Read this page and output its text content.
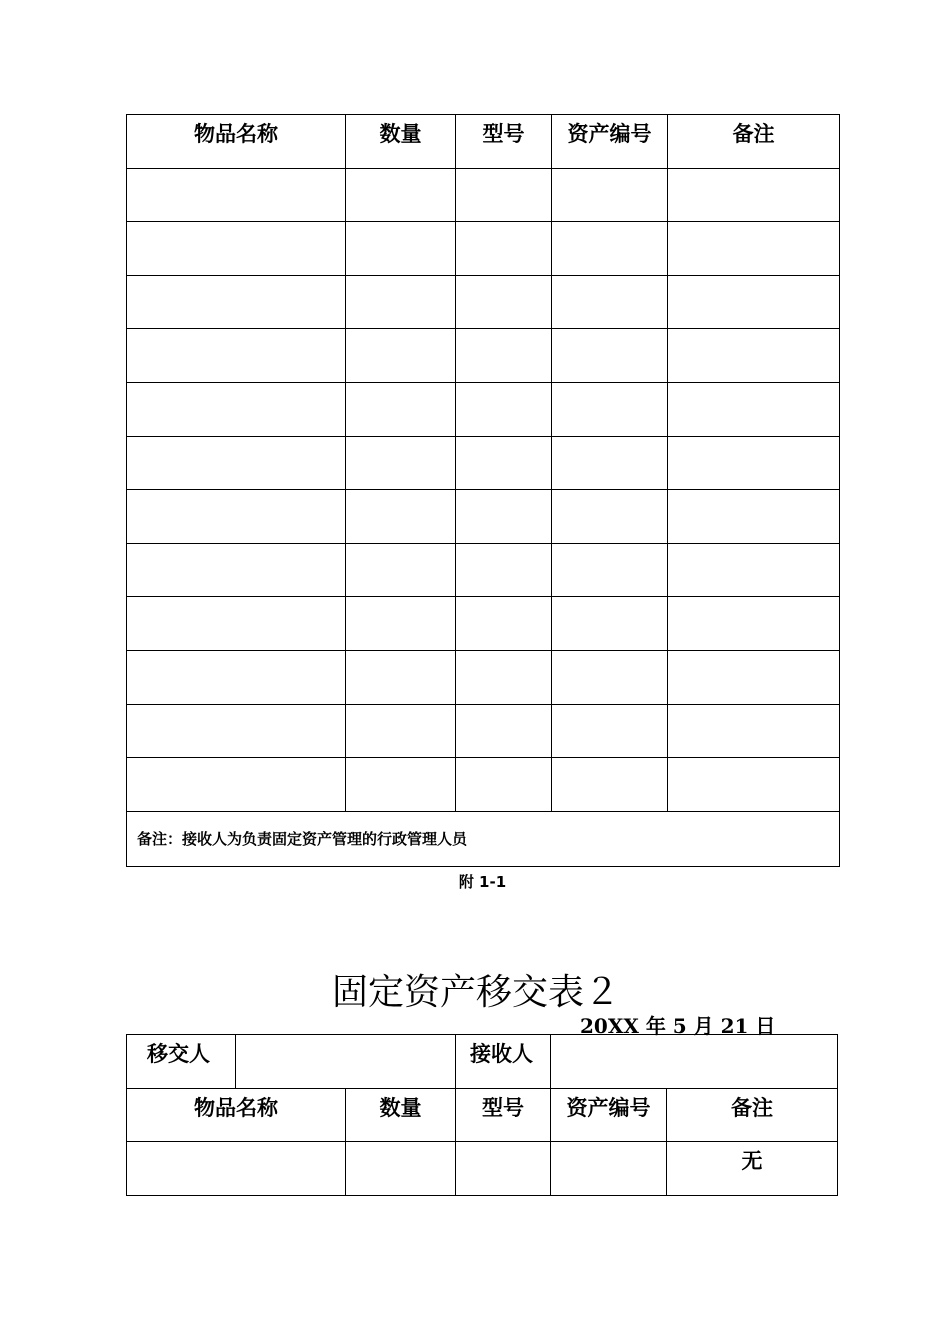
物品名称	数量	型号	资产编号	备注

备注：接收人为负责固定资产管理的行政管理人员				
附 1-1
固定资产移交表２
20XX 年 5 月 21 日
移交人			接收人		

物品名称		数量	型号	资产编号	备注

					无
